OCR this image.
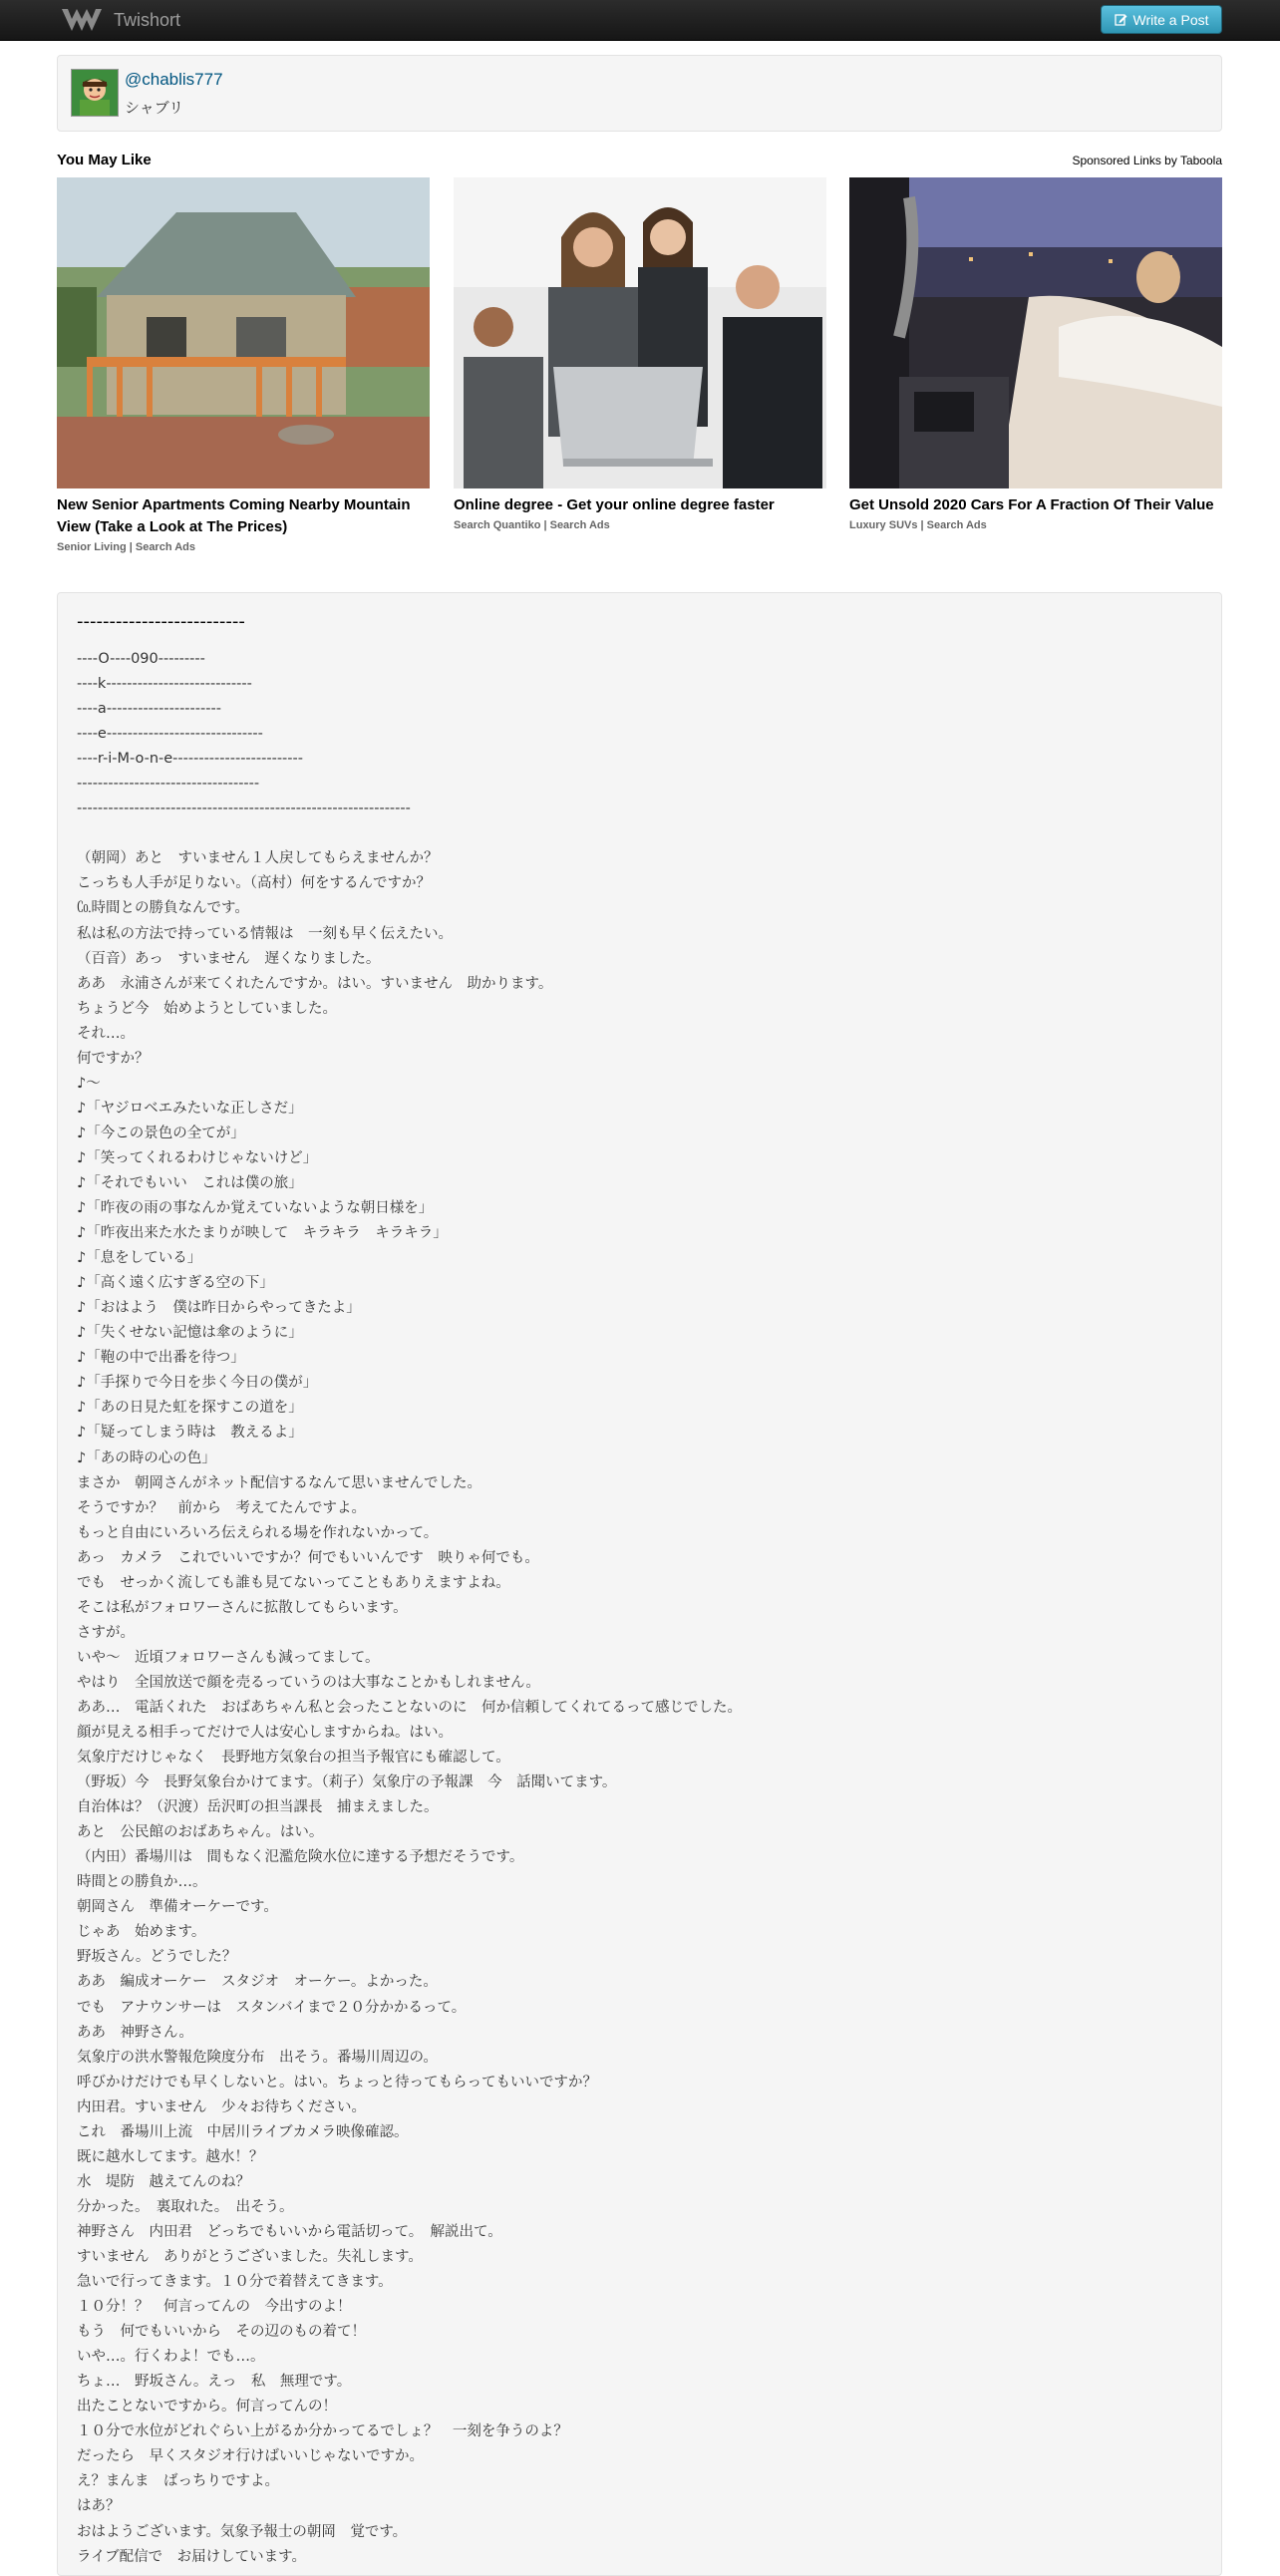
Twishort	Write a Post
@chablis777
シャブリ
You May Like	Sponsored Links by Taboola
New Senior Apartments Coming Nearby Mountain View (Take a Look at The Prices)
Senior Living | Search Ads
Online degree - Get your online degree faster
Search Quantiko | Search Ads
Get Unsold 2020 Cars For A Fraction Of Their Value
Luxury SUVs | Search Ads
--------------------------
----O----090---------
----k----------------------------
----a----------------------
----e------------------------------
----r-i-M-o-n-e-------------------------
-----------------------------------
----------------------------------------------------------------
（朝岡）あと　すいません１人戻してもらえませんか？
こっちも人手が足りない。（高村）何をするんですか？
㏇時間との勝負なんです。
私は私の方法で持っている情報は　一刻も早く伝えたい。
（百音）あっ　すいません　遅くなりました。
ああ　永浦さんが来てくれたんですか。はい。すいません　助かります。
ちょうど今　始めようとしていました。
それ…。
何ですか？
♪～
♪「ヤジロベエみたいな正しさだ」
♪「今この景色の全てが」
♪「笑ってくれるわけじゃないけど」
♪「それでもいい　これは僕の旅」
♪「昨夜の雨の事なんか覚えていないような朝日様を」
♪「昨夜出来た水たまりが映して　キラキラ　キラキラ」
♪「息をしている」
♪「高く遠く広すぎる空の下」
♪「おはよう　僕は昨日からやってきたよ」
♪「失くせない記憶は傘のように」
♪「鞄の中で出番を待つ」
♪「手探りで今日を歩く今日の僕が」
♪「あの日見た虹を探すこの道を」
♪「疑ってしまう時は　教えるよ」
♪「あの時の心の色」
まさか　朝岡さんがネット配信するなんて思いませんでした。
そうですか？　前から　考えてたんですよ。
もっと自由にいろいろ伝えられる場を作れないかって。
あっ　カメラ　これでいいですか？何でもいいんです　映りゃ何でも。
でも　せっかく流しても誰も見てないってこともありえますよね。
そこは私がフォロワーさんに拡散してもらいます。
さすが。
いや～　近頃フォロワーさんも減ってまして。
やはり　全国放送で顔を売るっていうのは大事なことかもしれません。
ああ…　電話くれた　おばあちゃん私と会ったことないのに　何か信頼してくれてるって感じでした。
顔が見える相手ってだけで人は安心しますからね。はい。
気象庁だけじゃなく　長野地方気象台の担当予報官にも確認して。
（野坂）今　長野気象台かけてます。（莉子）気象庁の予報課　今　話聞いてます。
自治体は？（沢渡）岳沢町の担当課長　捕まえました。
あと　公民館のおばあちゃん。はい。
（内田）番場川は　間もなく氾濫危険水位に達する予想だそうです。
時間との勝負か…。
朝岡さん　準備オーケーです。
じゃあ　始めます。
野坂さん。どうでした？
ああ　編成オーケー　スタジオ　オーケー。よかった。
でも　アナウンサーは　スタンバイまで２０分かかるって。
ああ　神野さん。
気象庁の洪水警報危険度分布　出そう。番場川周辺の。
呼びかけだけでも早くしないと。はい。ちょっと待ってもらってもいいですか？
内田君。すいません　少々お待ちください。
これ　番場川上流　中居川ライブカメラ映像確認。
既に越水してます。越水！？
水　堤防　越えてんのね？
分かった。　裏取れた。　出そう。
神野さん　内田君　どっちでもいいから電話切って。　解説出て。
すいません　ありがとうございました。失礼します。
急いで行ってきます。１０分で着替えてきます。
１０分！？　何言ってんの　今出すのよ！
もう　何でもいいから　その辺のもの着て！
いや…。行くわよ！でも…。
ちょ…　野坂さん。えっ　私　無理です。
出たことないですから。何言ってんの！
１０分で水位がどれぐらい上がるか分かってるでしょ？　一刻を争うのよ？
だったら　早くスタジオ行けばいいじゃないですか。
え？まんま　ばっちりですよ。
はあ？
おはようございます。気象予報士の朝岡　覚です。
ライブ配信で　お届けしています。
